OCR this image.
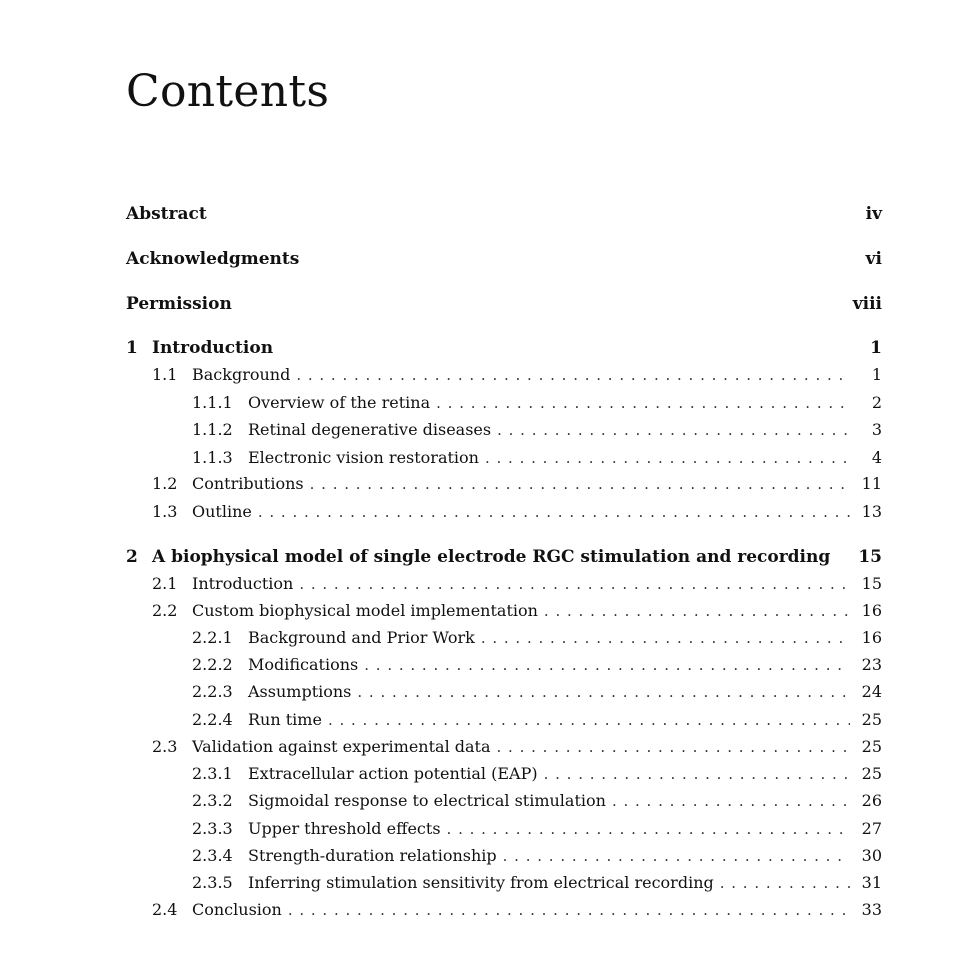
Contents
Abstract	iv
Acknowledgments	vi
Permission	viii
1 Introduction	1
1.1 Background . . .	1
1.1.1 Overview of the retina . . .	2
1.1.2 Retinal degenerative diseases . . .	3
1.1.3 Electronic vision restoration . . .	4
1.2 Contributions . . .	11
1.3 Outline . . .	13
2 A biophysical model of single electrode RGC stimulation and recording 15
2.1 Introduction . . .	15
2.2 Custom biophysical model implementation . . .	16
2.2.1 Background and Prior Work . . .	16
2.2.2 Modifications . . .	23
2.2.3 Assumptions . . .	24
2.2.4 Run time . . .	25
2.3 Validation against experimental data . . .	25
2.3.1 Extracellular action potential (EAP) . . .	25
2.3.2 Sigmoidal response to electrical stimulation . . .	26
2.3.3 Upper threshold effects . . .	27
2.3.4 Strength-duration relationship . . .	30
2.3.5 Inferring stimulation sensitivity from electrical recording . . .	31
2.4 Conclusion . . .	33
